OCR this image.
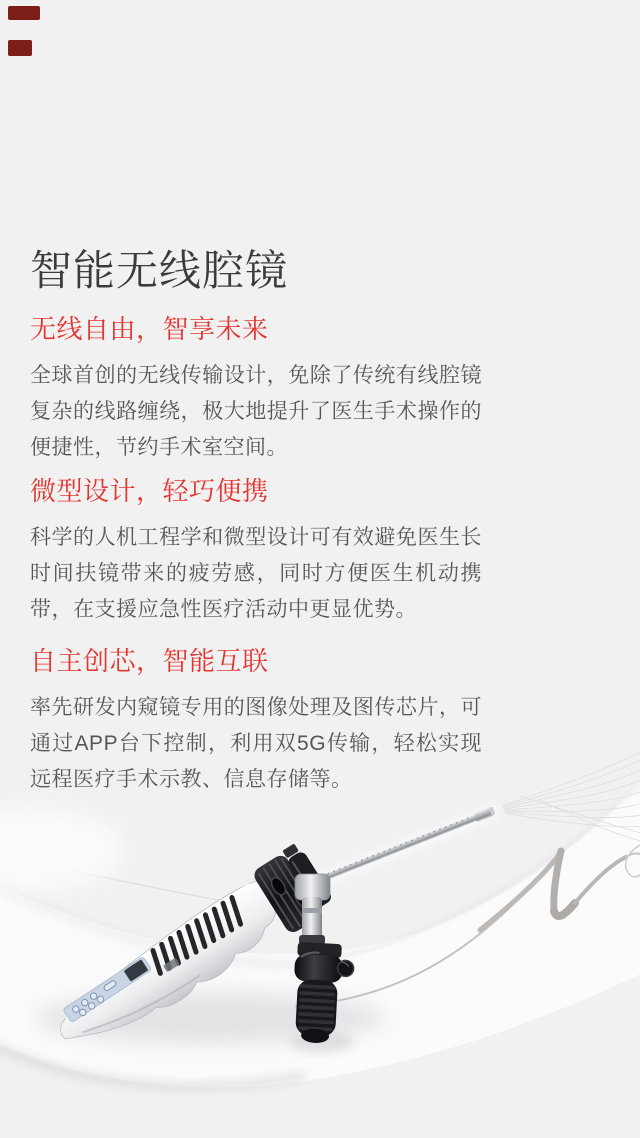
智能无线腔镜
无线自由，智享未来

全球首创的无线传输设计，免除了传统有线腔镜复杂的线路缠绕，极大地提升了医生手术操作的便捷性，节约手术室空间。

微型设计，轻巧便携

科学的人机工程学和微型设计可有效避免医生长时间扶镜带来的疲劳感，同时方便医生机动携带，在支援应急性医疗活动中更显优势。

自主创芯，智能互联

率先研发内窥镜专用的图像处理及图传芯片，可通过APP台下控制，利用双5G传输，轻松实现远程医疗手术示教、信息存储等。
